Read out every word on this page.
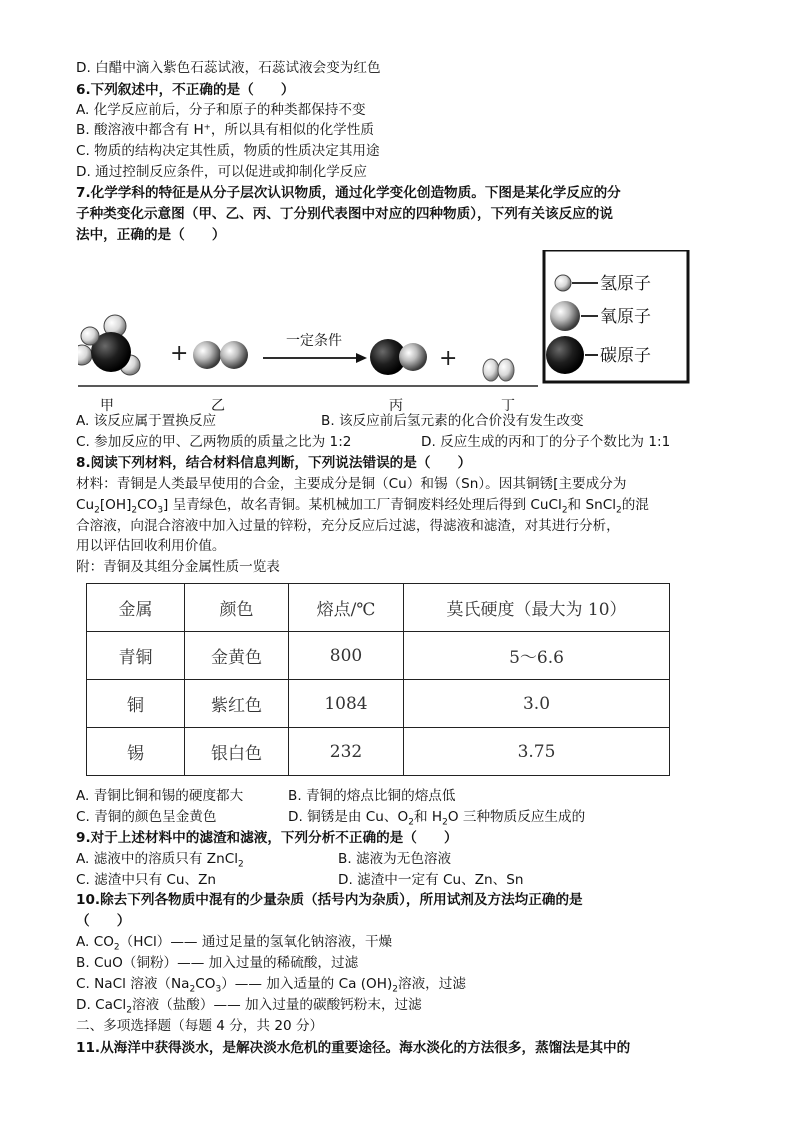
D. 白醋中滴入紫色石蕊试液，石蕊试液会变为红色
6.下列叙述中，不正确的是（　　）
A. 化学反应前后，分子和原子的种类都保持不变
B. 酸溶液中都含有 H⁺，所以具有相似的化学性质
C. 物质的结构决定其性质，物质的性质决定其用途
D. 通过控制反应条件，可以促进或抑制化学反应
7.化学学科的特征是从分子层次认识物质，通过化学变化创造物质。下图是某化学反应的分
子种类变化示意图（甲、乙、丙、丁分别代表图中对应的四种物质），下列有关该反应的说
法中，正确的是（　　）
+	一定条件
+
甲	乙	丙	丁
氢原子
氧原子
碳原子
A. 该反应属于置换反应	B. 该反应前后氢元素的化合价没有发生改变
C. 参加反应的甲、乙两物质的质量之比为 1:2	D. 反应生成的丙和丁的分子个数比为 1:1
8.阅读下列材料，结合材料信息判断，下列说法错误的是（　　）
材料：青铜是人类最早使用的合金，主要成分是铜（Cu）和锡（Sn）。因其铜锈[主要成分为
$Cu_2[OH]_2CO_3$] 呈青绿色，故名青铜。某机械加工厂青铜废料经处理后得到 CuCl$_2$和 SnCl$_2$的混
合溶液，向混合溶液中加入过量的锌粉，充分反应后过滤，得滤液和滤渣，对其进行分析，
用以评估回收利用价值。
附：青铜及其组分金属性质一览表
金属	颜色	熔点/℃	莫氏硬度（最大为 10）
青铜	金黄色	800	5～6.6
铜	紫红色	1084	3.0
锡	银白色	232	3.75
A. 青铜比铜和锡的硬度都大	B. 青铜的熔点比铜的熔点低
C. 青铜的颜色呈金黄色	D. 铜锈是由 Cu、$O_2$和 $H_2O$ 三种物质反应生成的
9.对于上述材料中的滤渣和滤液，下列分析不正确的是（　　）
A. 滤液中的溶质只有 ZnCl$_2$	B. 滤液为无色溶液
C. 滤渣中只有 Cu、Zn	D. 滤渣中一定有 Cu、Zn、Sn
10.除去下列各物质中混有的少量杂质（括号内为杂质），所用试剂及方法均正确的是
（　　）
A. $CO_2(HCl)——$ 通过足量的氢氧化钠溶液，干燥
B. CuO（铜粉）—— 加入过量的稀硫酸，过滤
C. NaCl 溶液$(Na_2CO_3)——$ 加入适量的 Ca $(OH)_2$溶液，过滤
D. CaCl$_2$溶液（盐酸）—— 加入过量的碳酸钙粉末，过滤
二、多项选择题（每题 4 分，共 20 分）
11.从海洋中获得淡水，是解决淡水危机的重要途径。海水淡化的方法很多，蒸馏法是其中的
